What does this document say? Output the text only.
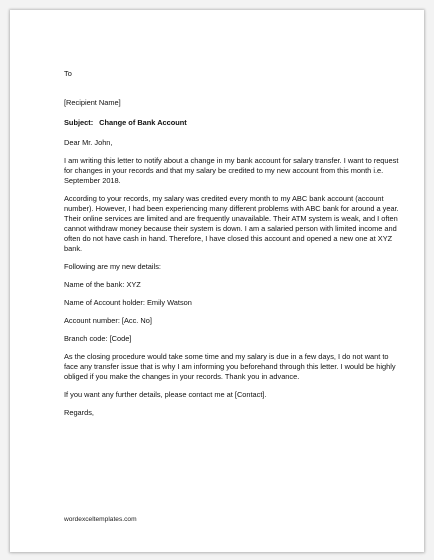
To

[Recipient Name]

Subject: Change of Bank Account

Dear Mr. John,

I am writing this letter to notify about a change in my bank account for salary transfer. I want to request for changes in your records and that my salary be credited to my new account from this month i.e. September 2018.

According to your records, my salary was credited every month to my ABC bank account (account number). However, I had been experiencing many different problems with ABC bank for around a year. Their online services are limited and are frequently unavailable. Their ATM system is weak, and I often cannot withdraw money because their system is down. I am a salaried person with limited income and often do not have cash in hand. Therefore, I have closed this account and opened a new one at XYZ bank.

Following are my new details:

Name of the bank: XYZ

Name of Account holder: Emily Watson

Account number: [Acc. No]

Branch code: [Code]

As the closing procedure would take some time and my salary is due in a few days, I do not want to face any transfer issue that is why I am informing you beforehand through this letter. I would be highly obliged if you make the changes in your records. Thank you in advance.

If you want any further details, please contact me at [Contact].

Regards,

wordexceltemplates.com
